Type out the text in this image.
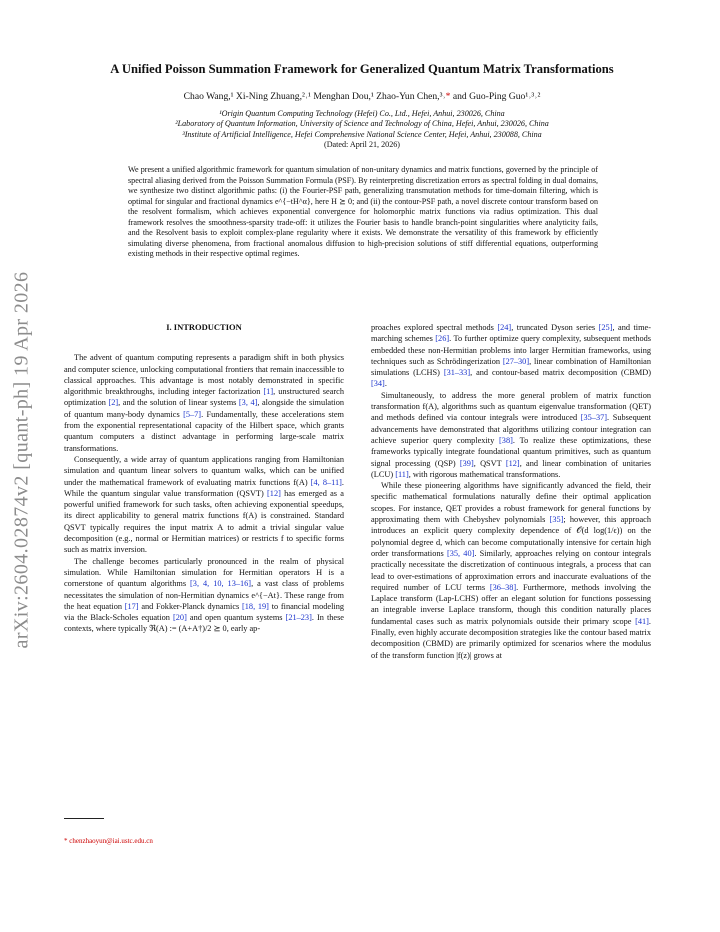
arXiv:2604.02874v2 [quant-ph] 19 Apr 2026
A Unified Poisson Summation Framework for Generalized Quantum Matrix Transformations
Chao Wang,¹ Xi-Ning Zhuang,²˒¹ Menghan Dou,¹ Zhao-Yun Chen,³˒* and Guo-Ping Guo¹˒³˒²
¹Origin Quantum Computing Technology (Hefei) Co., Ltd., Hefei, Anhui, 230026, China
²Laboratory of Quantum Information, University of Science and Technology of China, Hefei, Anhui, 230026, China
³Institute of Artificial Intelligence, Hefei Comprehensive National Science Center, Hefei, Anhui, 230088, China
(Dated: April 21, 2026)
We present a unified algorithmic framework for quantum simulation of non-unitary dynamics and matrix functions, governed by the principle of spectral aliasing derived from the Poisson Summation Formula (PSF). By reinterpreting discretization errors as spectral folding in dual domains, we synthesize two distinct algorithmic paths: (i) the Fourier-PSF path, generalizing transmutation methods for time-domain filtering, which is optimal for singular and fractional dynamics e^{−tH^α}, here H ⪰ 0; and (ii) the contour-PSF path, a novel discrete contour transform based on the resolvent formalism, which achieves exponential convergence for holomorphic matrix functions via radius optimization. This dual framework resolves the smoothness-sparsity trade-off: it utilizes the Fourier basis to handle branch-point singularities where analyticity fails, and the Resolvent basis to exploit complex-plane regularity where it exists. We demonstrate the versatility of this framework by efficiently simulating diverse phenomena, from fractional anomalous diffusion to high-precision solutions of stiff differential equations, outperforming existing methods in their respective optimal regimes.
I. INTRODUCTION

The advent of quantum computing represents a paradigm shift in both physics and computer science, unlocking computational frontiers that remain inaccessible to classical approaches. This advantage is most notably demonstrated in specific algorithmic breakthroughs, including integer factorization [1], unstructured search optimization [2], and the solution of linear systems [3, 4], alongside the simulation of quantum many-body dynamics [5–7]. Fundamentally, these accelerations stem from the exponential representational capacity of the Hilbert space, which grants quantum computers a distinct advantage in performing large-scale matrix transformations.

Consequently, a wide array of quantum applications ranging from Hamiltonian simulation and quantum linear solvers to quantum walks, which can be unified under the mathematical framework of evaluating matrix functions f(A) [4, 8–11]. While the quantum singular value transformation (QSVT) [12] has emerged as a powerful unified framework for such tasks, often achieving exponential speedups, its direct applicability to general matrix functions f(A) is constrained. Standard QSVT typically requires the input matrix A to admit a trivial singular value decomposition (e.g., normal or Hermitian matrices) or restricts f to specific forms such as matrix inversion.

The challenge becomes particularly pronounced in the realm of physical simulation. While Hamiltonian simulation for Hermitian operators H is a cornerstone of quantum algorithms [3, 4, 10, 13–16], a vast class of problems necessitates the simulation of non-Hermitian dynamics e^{−At}. These range from the heat equation [17] and Fokker-Planck dynamics [18, 19] to financial modeling via the Black-Scholes equation [20] and open quantum systems [21–23]. In these contexts, where typically ℜ(A) := (A+A†)/2 ⪰ 0, early ap-

proaches explored spectral methods [24], truncated Dyson series [25], and time-marching schemes [26]. To further optimize query complexity, subsequent methods embedded these non-Hermitian problems into larger Hermitian frameworks, using techniques such as Schrödingerization [27–30], linear combination of Hamiltonian simulations (LCHS) [31–33], and contour-based matrix decomposition (CBMD) [34].

Simultaneously, to address the more general problem of matrix function transformation f(A), algorithms such as quantum eigenvalue transformation (QET) and methods defined via contour integrals were introduced [35–37]. Subsequent advancements have demonstrated that algorithms utilizing contour integration can achieve superior query complexity [38]. To realize these optimizations, these frameworks typically integrate foundational quantum primitives, such as quantum signal processing (QSP) [39], QSVT [12], and linear combination of unitaries (LCU) [11], with rigorous mathematical transformations.

While these pioneering algorithms have significantly advanced the field, their specific mathematical formulations naturally define their optimal application scopes. For instance, QET provides a robust framework for general functions by approximating them with Chebyshev polynomials [35]; however, this approach introduces an explicit query complexity dependence of 𝒪(d log(1/ϵ)) on the polynomial degree d, which can become computationally intensive for certain high order transformations [35, 40]. Similarly, approaches relying on contour integrals practically necessitate the discretization of continuous integrals, a process that can lead to over-estimations of approximation errors and inaccurate evaluations of the required number of LCU terms [36–38]. Furthermore, methods involving the Laplace transform (Lap-LCHS) offer an elegant solution for functions possessing an integrable inverse Laplace transform, though this condition naturally places fundamental cases such as matrix polynomials outside their primary scope [41]. Finally, even highly accurate decomposition strategies like the contour based matrix decomposition (CBMD) are primarily optimized for scenarios where the modulus of the transform function |f(z)| grows at

* chenzhaoyun@iai.ustc.edu.cn
